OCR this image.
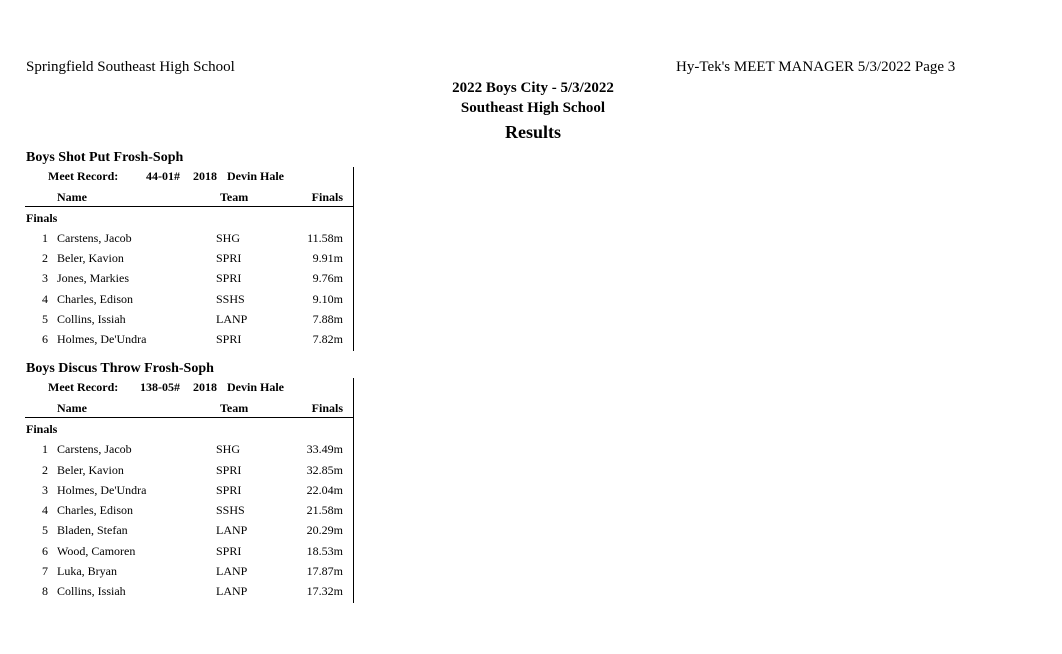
Springfield Southeast High School	Hy-Tek's MEET MANAGER 5/3/2022 Page 3
2022 Boys City - 5/3/2022
Southeast High School
Results
Boys Shot Put Frosh-Soph
Meet Record: 44-01# 2018 Devin Hale
Name	Team	Finals
Finals
1 Carstens, Jacob	SHG	11.58m
2 Beler, Kavion	SPRI	9.91m
3 Jones, Markies	SPRI	9.76m
4 Charles, Edison	SSHS	9.10m
5 Collins, Issiah	LANP	7.88m
6 Holmes, De'Undra	SPRI	7.82m
Boys Discus Throw Frosh-Soph
Meet Record: 138-05# 2018 Devin Hale
Name	Team	Finals
Finals
1 Carstens, Jacob	SHG	33.49m
2 Beler, Kavion	SPRI	32.85m
3 Holmes, De'Undra	SPRI	22.04m
4 Charles, Edison	SSHS	21.58m
5 Bladen, Stefan	LANP	20.29m
6 Wood, Camoren	SPRI	18.53m
7 Luka, Bryan	LANP	17.87m
8 Collins, Issiah	LANP	17.32m
